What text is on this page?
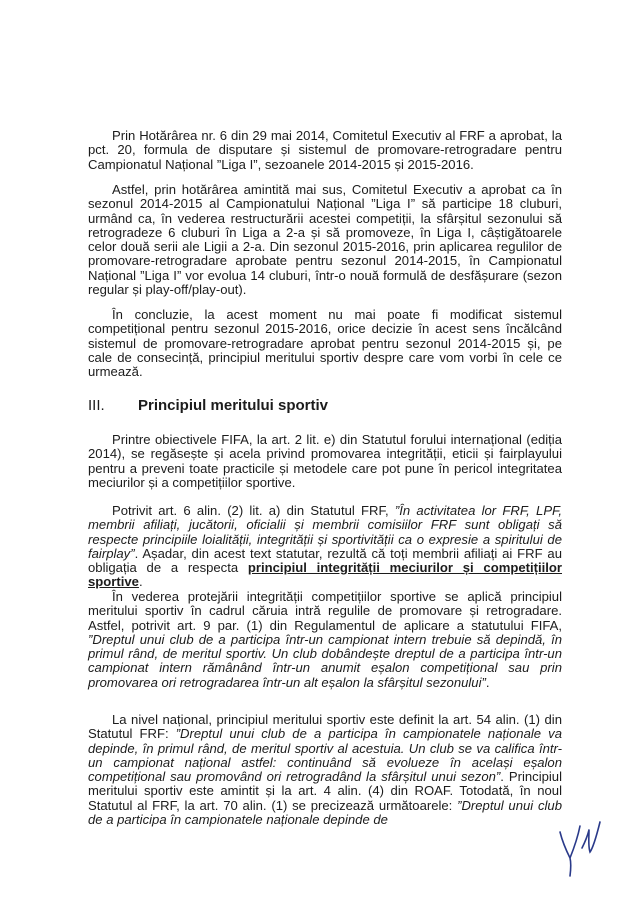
Prin Hotărârea nr. 6 din 29 mai 2014, Comitetul Executiv al FRF a aprobat, la pct. 20, formula de disputare și sistemul de promovare-retrogradare pentru Campionatul Național ”Liga I”, sezoanele 2014-2015 și 2015-2016.

Astfel, prin hotărârea amintită mai sus, Comitetul Executiv a aprobat ca în sezonul 2014-2015 al Campionatului Național ”Liga I” să participe 18 cluburi, urmând ca, în vederea restructurării acestei competiții, la sfârșitul sezonului să retrogradeze 6 cluburi în Liga a 2-a și să promoveze, în Liga I, câștigătoarele celor două serii ale Ligii a 2-a. Din sezonul 2015-2016, prin aplicarea regulilor de promovare-retrogradare aprobate pentru sezonul 2014-2015, în Campionatul Național ”Liga I” vor evolua 14 cluburi, într-o nouă formulă de desfășurare (sezon regular și play-off/play-out).

În concluzie, la acest moment nu mai poate fi modificat sistemul competițional pentru sezonul 2015-2016, orice decizie în acest sens încălcând sistemul de promovare-retrogradare aprobat pentru sezonul 2014-2015 și, pe cale de consecință, principiul meritului sportiv despre care vom vorbi în cele ce urmează.

III. Principiul meritului sportiv

Printre obiectivele FIFA, la art. 2 lit. e) din Statutul forului internațional (ediția 2014), se regăsește și acela privind promovarea integrității, eticii și fairplayului pentru a preveni toate practicile și metodele care pot pune în pericol integritatea meciurilor și a competițiilor sportive.

Potrivit art. 6 alin. (2) lit. a) din Statutul FRF, ”În activitatea lor FRF, LPF, membrii afiliați, jucătorii, oficialii și membrii comisiilor FRF sunt obligați să respecte principiile loialității, integrității și sportivității ca o expresie a spiritului de fairplay”. Așadar, din acest text statutar, rezultă că toți membrii afiliați ai FRF au obligația de a respecta principiul integrității meciurilor și competițiilor sportive.

În vederea protejării integrității competițiilor sportive se aplică principiul meritului sportiv în cadrul căruia intră regulile de promovare și retrogradare. Astfel, potrivit art. 9 par. (1) din Regulamentul de aplicare a statutului FIFA, ”Dreptul unui club de a participa într-un campionat intern trebuie să depindă, în primul rând, de meritul sportiv. Un club dobândește dreptul de a participa într-un campionat intern rămânând într-un anumit eșalon competițional sau prin promovarea ori retrogradarea într-un alt eșalon la sfârșitul sezonului”.

La nivel național, principiul meritului sportiv este definit la art. 54 alin. (1) din Statutul FRF: ”Dreptul unui club de a participa în campionatele naționale va depinde, în primul rând, de meritul sportiv al acestuia. Un club se va califica într-un campionat național astfel: continuând să evolueze în același eșalon competițional sau promovând ori retrogradând la sfârșitul unui sezon”. Principiul meritului sportiv este amintit și la art. 4 alin. (4) din ROAF. Totodată, în noul Statutul al FRF, la art. 70 alin. (1) se precizează următoarele: ”Dreptul unui club de a participa în campionatele naționale depinde de
